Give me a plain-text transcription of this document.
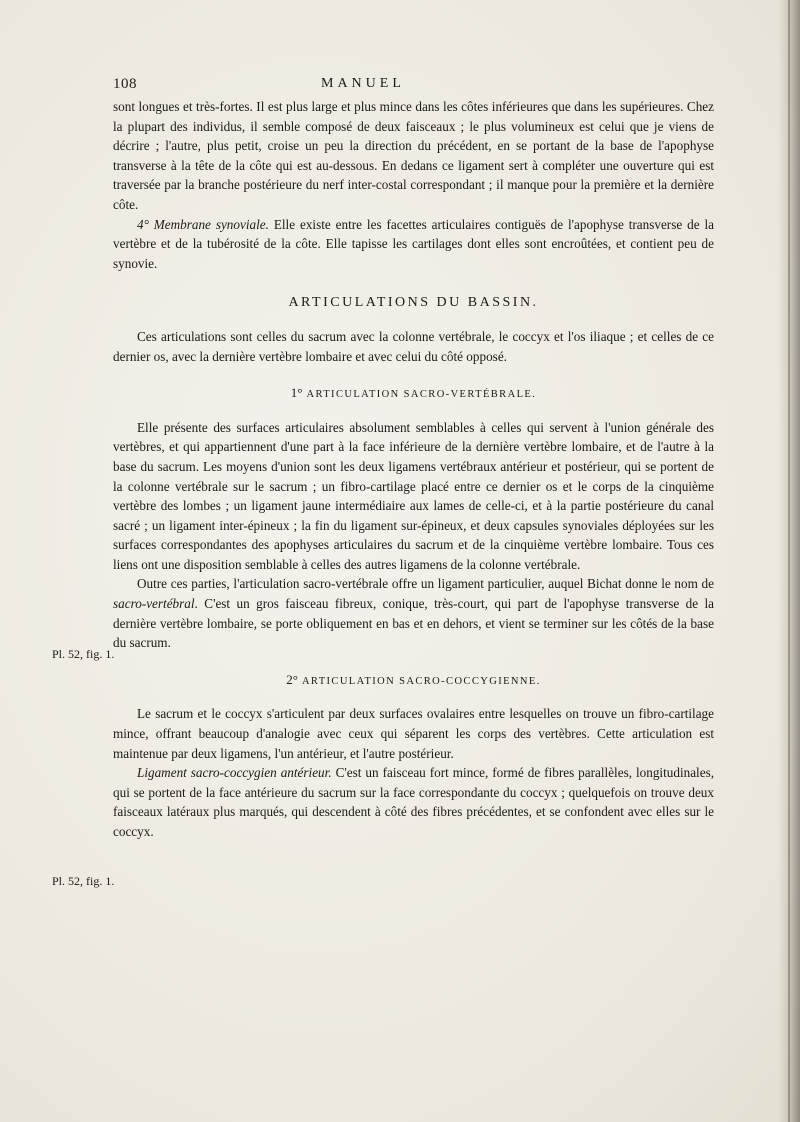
108	MANUEL
Pl. 52, fig. 1.
Pl. 52, fig. 1.

sont longues et très-fortes. Il est plus large et plus mince dans les côtes inférieures que dans les supérieures. Chez la plupart des individus, il semble composé de deux faisceaux ; le plus volumineux est celui que je viens de décrire ; l'autre, plus petit, croise un peu la direction du précédent, en se portant de la base de l'apophyse transverse à la tête de la côte qui est au-dessous. En dedans ce ligament sert à compléter une ouverture qui est traversée par la branche postérieure du nerf inter-costal correspondant ; il manque pour la première et la dernière côte.

4° Membrane synoviale. Elle existe entre les facettes articulaires contiguës de l'apophyse transverse de la vertèbre et de la tubérosité de la côte. Elle tapisse les cartilages dont elles sont encroûtées, et contient peu de synovie.

ARTICULATIONS DU BASSIN.

Ces articulations sont celles du sacrum avec la colonne vertébrale, le coccyx et l'os iliaque ; et celles de ce dernier os, avec la dernière vertèbre lombaire et avec celui du côté opposé.

1° ARTICULATION SACRO-VERTÉBRALE.

Elle présente des surfaces articulaires absolument semblables à celles qui servent à l'union générale des vertèbres, et qui appartiennent d'une part à la face inférieure de la dernière vertèbre lombaire, et de l'autre à la base du sacrum. Les moyens d'union sont les deux ligamens vertébraux antérieur et postérieur, qui se portent de la colonne vertébrale sur le sacrum ; un fibro-cartilage placé entre ce dernier os et le corps de la cinquième vertèbre des lombes ; un ligament jaune intermédiaire aux lames de celle-ci, et à la partie postérieure du canal sacré ; un ligament inter-épineux ; la fin du ligament sur-épineux, et deux capsules synoviales déployées sur les surfaces correspondantes des apophyses articulaires du sacrum et de la cinquième vertèbre lombaire. Tous ces liens ont une disposition semblable à celles des autres ligamens de la colonne vertébrale.

Outre ces parties, l'articulation sacro-vertébrale offre un ligament particulier, auquel Bichat donne le nom de sacro-vertébral. C'est un gros faisceau fibreux, conique, très-court, qui part de l'apophyse transverse de la dernière vertèbre lombaire, se porte obliquement en bas et en dehors, et vient se terminer sur les côtés de la base du sacrum.

2° ARTICULATION SACRO-COCCYGIENNE.

Le sacrum et le coccyx s'articulent par deux surfaces ovalaires entre lesquelles on trouve un fibro-cartilage mince, offrant beaucoup d'analogie avec ceux qui séparent les corps des vertèbres. Cette articulation est maintenue par deux ligamens, l'un antérieur, et l'autre postérieur.

Ligament sacro-coccygien antérieur. C'est un faisceau fort mince, formé de fibres parallèles, longitudinales, qui se portent de la face antérieure du sacrum sur la face correspondante du coccyx ; quelquefois on trouve deux faisceaux latéraux plus marqués, qui descendent à côté des fibres précédentes, et se confondent avec elles sur le coccyx.
